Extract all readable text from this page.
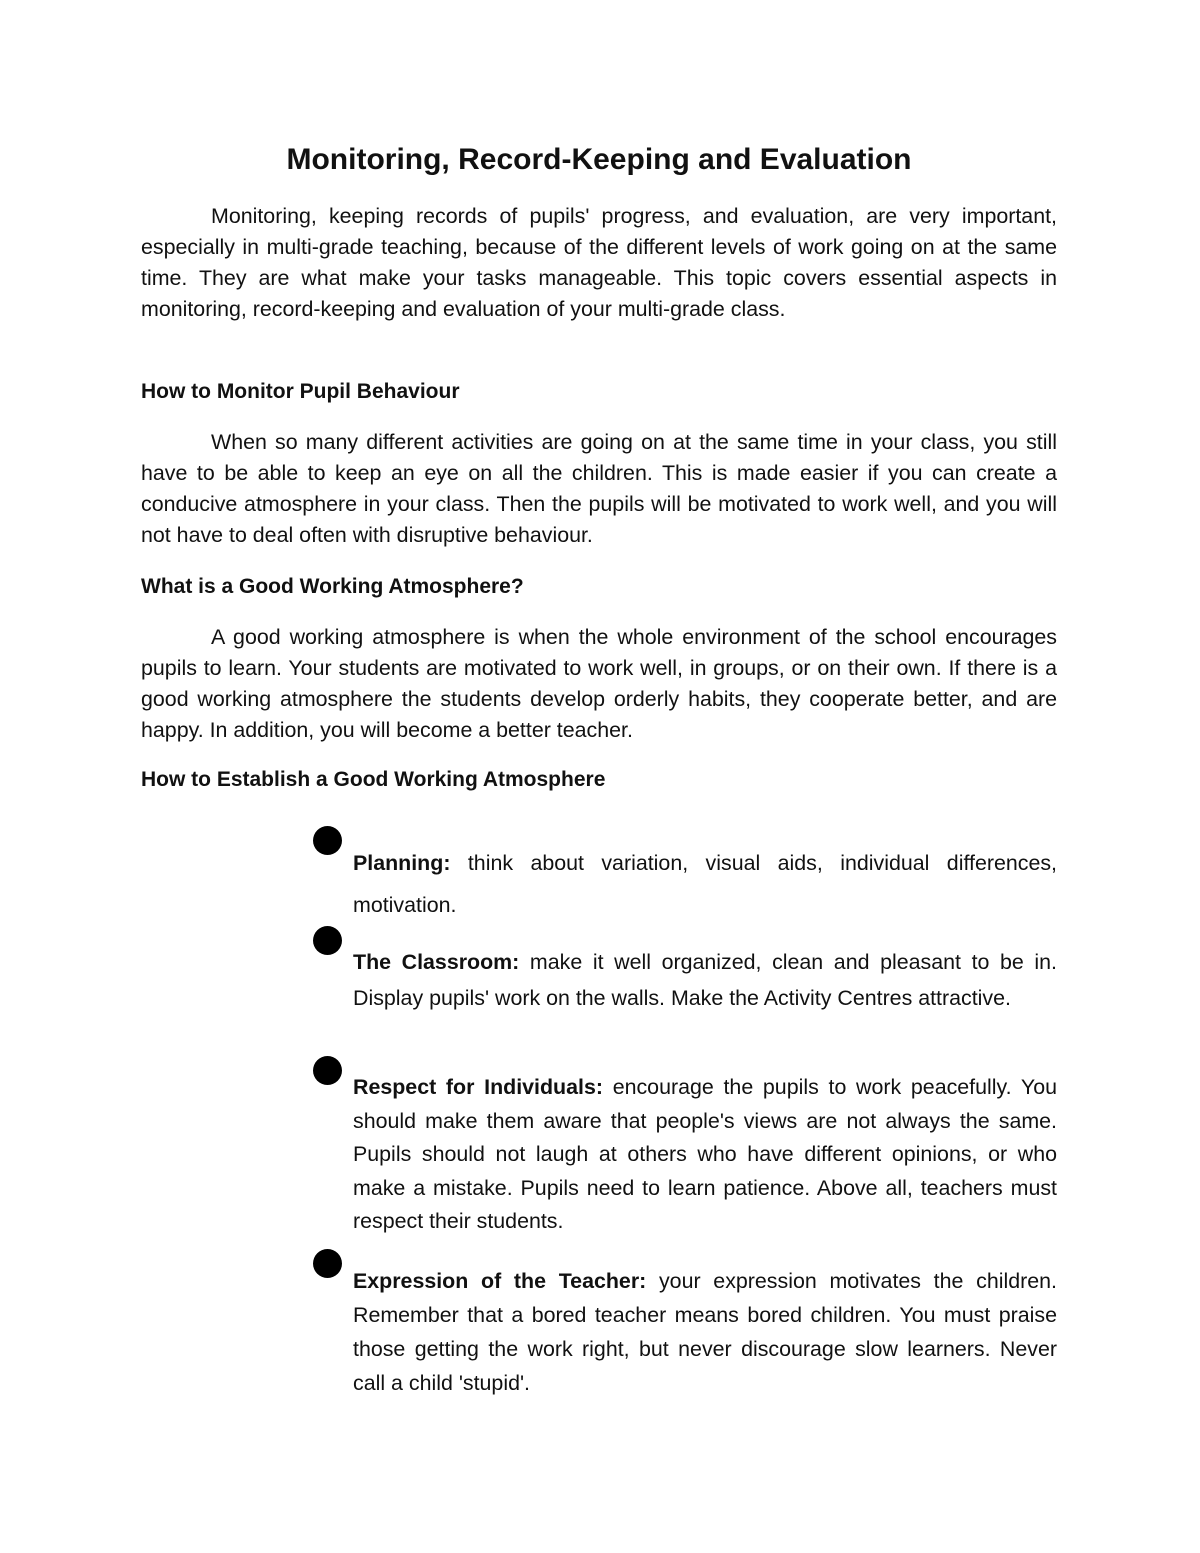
Monitoring, Record-Keeping and Evaluation

Monitoring, keeping records of pupils' progress, and evaluation, are very important, especially in multi-grade teaching, because of the different levels of work going on at the same time. They are what make your tasks manageable. This topic covers essential aspects in monitoring, record-keeping and evaluation of your multi-grade class.

How to Monitor Pupil Behaviour

When so many different activities are going on at the same time in your class, you still have to be able to keep an eye on all the children. This is made easier if you can create a conducive atmosphere in your class. Then the pupils will be motivated to work well, and you will not have to deal often with disruptive behaviour.

What is a Good Working Atmosphere?

A good working atmosphere is when the whole environment of the school encourages pupils to learn. Your students are motivated to work well, in groups, or on their own. If there is a good working atmosphere the students develop orderly habits, they cooperate better, and are happy. In addition, you will become a better teacher.

How to Establish a Good Working Atmosphere

Planning: think about variation, visual aids, individual differences, motivation.

The Classroom: make it well organized, clean and pleasant to be in. Display pupils' work on the walls. Make the Activity Centres attractive.

Respect for Individuals: encourage the pupils to work peacefully. You should make them aware that people's views are not always the same. Pupils should not laugh at others who have different opinions, or who make a mistake. Pupils need to learn patience. Above all, teachers must respect their students.

Expression of the Teacher: your expression motivates the children. Remember that a bored teacher means bored children. You must praise those getting the work right, but never discourage slow learners. Never call a child 'stupid'.
